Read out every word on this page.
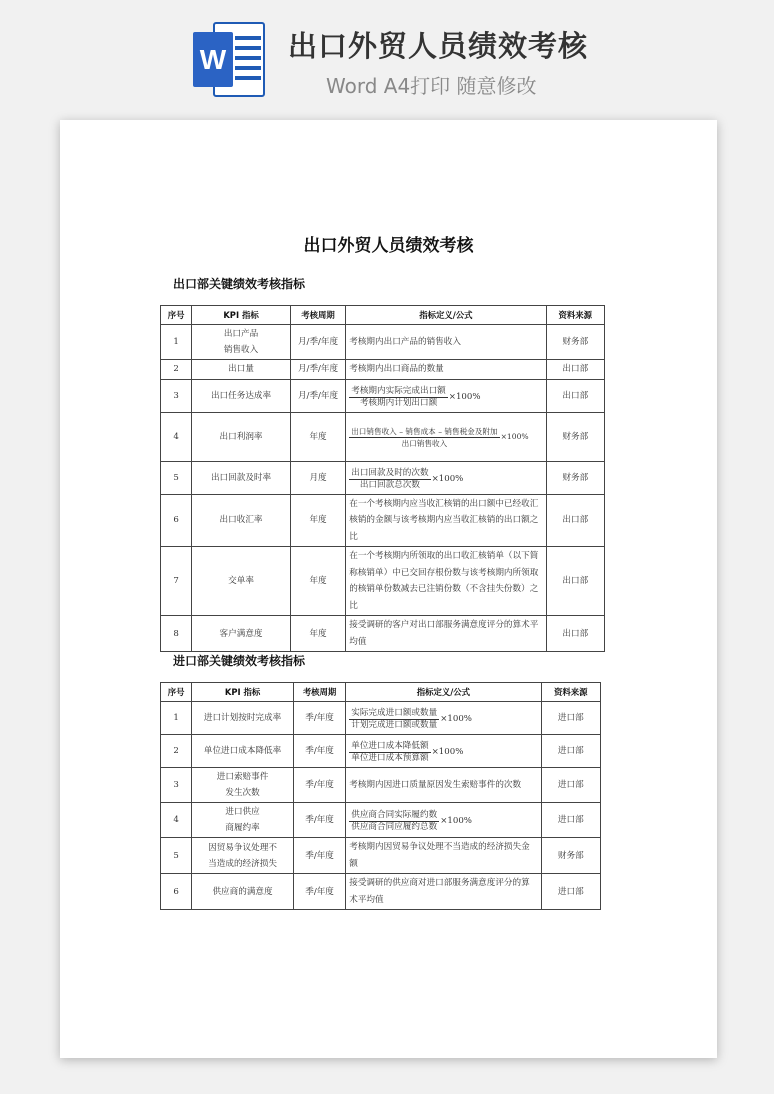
W 出口外贸人员绩效考核
Word A4打印 随意修改
出口外贸人员绩效考核

出口部关键绩效考核指标

序号	KPI 指标	考核周期	指标定义/公式	资料来源
1	出口产品
销售收入	月/季/年度	考核期内出口产品的销售收入	财务部
2	出口量	月/季/年度	考核期内出口商品的数量	出口部
3	出口任务达成率	月/季/年度	$\frac{\text{考核期内实际完成出口额}}{\text{考核期内计划出口额}} \times 100\%$	出口部
4	出口利润率	年度	$\frac{\text{出口销售收入 – 销售成本 – 销售税金及附加}}{\text{出口销售收入}} \times 100\%$	财务部
5	出口回款及时率	月度	$\frac{\text{出口回款及时的次数}}{\text{出口回款总次数}} \times 100\%$	财务部
6	出口收汇率	年度	在一个考核期内应当收汇核销的出口额中已经收汇核销的金额与该考核期内应当收汇核销的出口额之比	出口部
7	交单率	年度	在一个考核期内所领取的出口收汇核销单（以下简称核销单）中已交回存根份数与该考核期内所领取的核销单份数减去已注销份数（不含挂失份数）之比	出口部
8	客户满意度	年度	接受调研的客户对出口部服务满意度评分的算术平均值	出口部

进口部关键绩效考核指标

序号	KPI 指标	考核周期	指标定义/公式	资料来源
1	进口计划按时完成率	季/年度	$\frac{\text{实际完成进口额或数量}}{\text{计划完成进口额或数量}} \times 100\%$	进口部
2	单位进口成本降低率	季/年度	$\frac{\text{单位进口成本降低额}}{\text{单位进口成本预算额}} \times 100\%$	进口部
3	进口索赔事件
发生次数	季/年度	考核期内因进口质量原因发生索赔事件的次数	进口部
4	进口供应
商履约率	季/年度	$\frac{\text{供应商合同实际履约数}}{\text{供应商合同应履约总数}} \times 100\%$	进口部
5	因贸易争议处理不
当造成的经济损失	季/年度	考核期内因贸易争议处理不当造成的经济损失金额	财务部
6	供应商的满意度	季/年度	接受调研的供应商对进口部服务满意度评分的算术平均值	进口部
